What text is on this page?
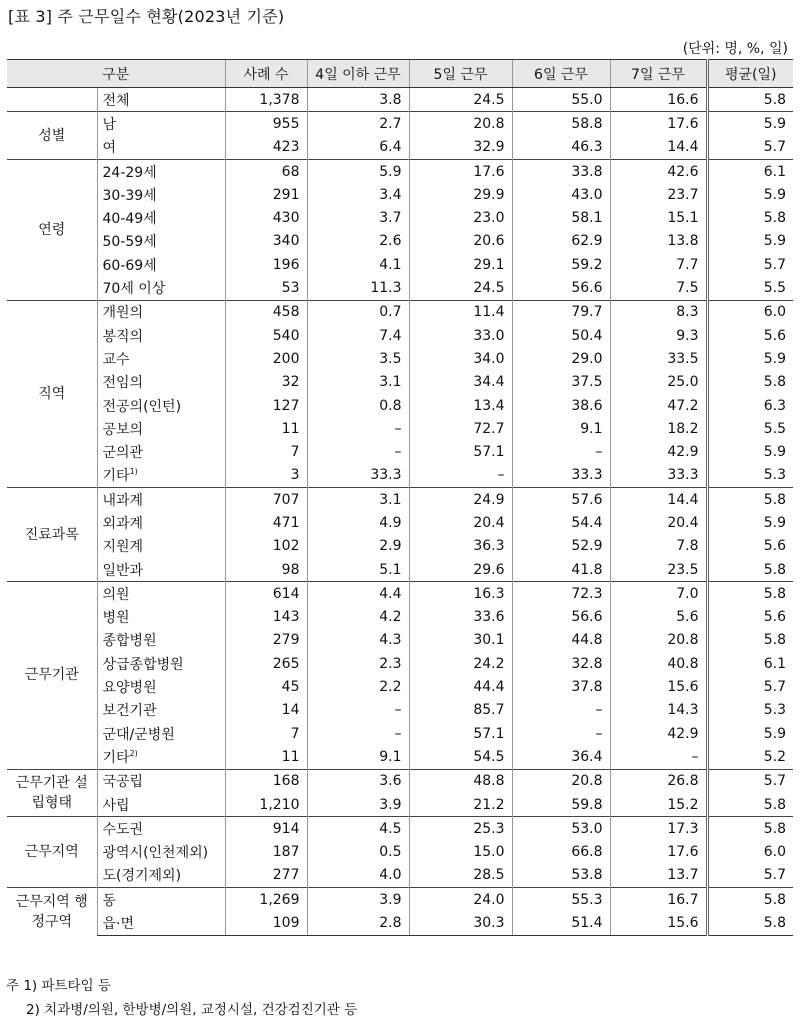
[표 3] 주 근무일수 현황(2023년 기준)
(단위: 명, %, 일)
구분		사례 수	4일 이하 근무	5일 근무	6일 근무	7일 근무	평균(일)
	전체	1,378	3.8	24.5	55.0	16.6	5.8
성별	남	955	2.7	20.8	58.8	17.6	5.9
	여	423	6.4	32.9	46.3	14.4	5.7
연령	24-29세	68	5.9	17.6	33.8	42.6	6.1
	30-39세	291	3.4	29.9	43.0	23.7	5.9
	40-49세	430	3.7	23.0	58.1	15.1	5.8
	50-59세	340	2.6	20.6	62.9	13.8	5.9
	60-69세	196	4.1	29.1	59.2	7.7	5.7
	70세 이상	53	11.3	24.5	56.6	7.5	5.5
직역	개원의	458	0.7	11.4	79.7	8.3	6.0
	봉직의	540	7.4	33.0	50.4	9.3	5.6
	교수	200	3.5	34.0	29.0	33.5	5.9
	전임의	32	3.1	34.4	37.5	25.0	5.8
	전공의(인턴)	127	0.8	13.4	38.6	47.2	6.3
	공보의	11	–	72.7	9.1	18.2	5.5
	군의관	7	–	57.1	–	42.9	5.9
	기타$^{1)}$	3	33.3	–	33.3	33.3	5.3
진료과목	내과계	707	3.1	24.9	57.6	14.4	5.8
	외과계	471	4.9	20.4	54.4	20.4	5.9
	지원계	102	2.9	36.3	52.9	7.8	5.6
	일반과	98	5.1	29.6	41.8	23.5	5.8
근무기관	의원	614	4.4	16.3	72.3	7.0	5.8
	병원	143	4.2	33.6	56.6	5.6	5.6
	종합병원	279	4.3	30.1	44.8	20.8	5.8
	상급종합병원	265	2.3	24.2	32.8	40.8	6.1
	요양병원	45	2.2	44.4	37.8	15.6	5.7
	보건기관	14	–	85.7	–	14.3	5.3
	군대/군병원	7	–	57.1	–	42.9	5.9
	기타$^{2)}$	11	9.1	54.5	36.4	–	5.2
근무기관 설립형태	국공립	168	3.6	48.8	20.8	26.8	5.7
	사립	1,210	3.9	21.2	59.8	15.2	5.8
근무지역	수도권	914	4.5	25.3	53.0	17.3	5.8
	광역시(인천제외)	187	0.5	15.0	66.8	17.6	6.0
	도(경기제외)	277	4.0	28.5	53.8	13.7	5.7
근무지역 행정구역	동	1,269	3.9	24.0	55.3	16.7	5.8
	읍·면	109	2.8	30.3	51.4	15.6	5.8
주 1) 파트타임 등
2) 치과병/의원, 한방병/의원, 교정시설, 건강검진기관 등
